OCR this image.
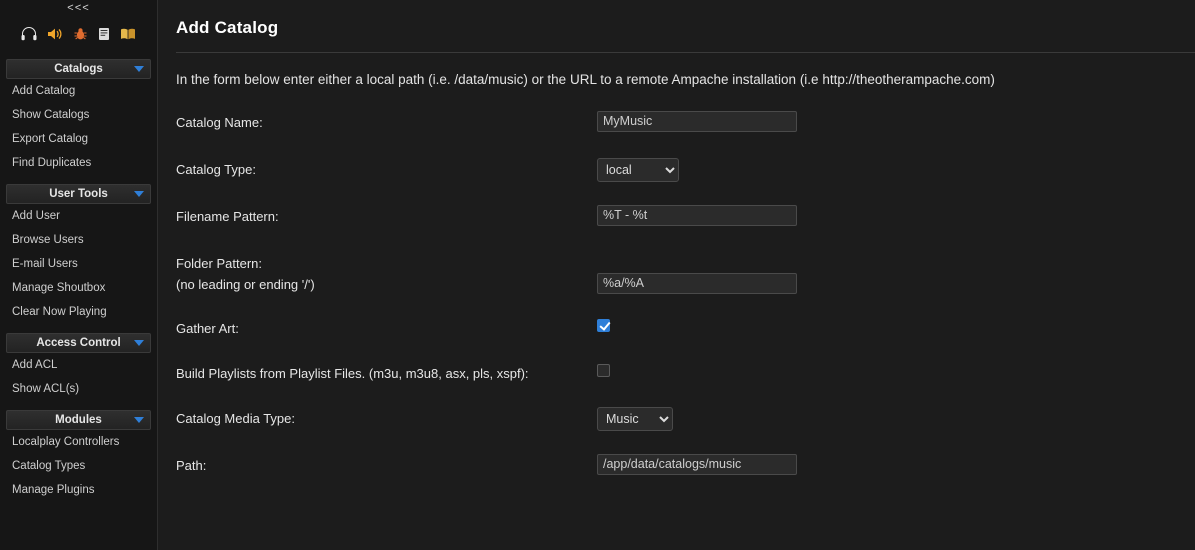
<<<
Catalogs
Add Catalog
Show Catalogs
Export Catalog
Find Duplicates
User Tools
Add User
Browse Users
E-mail Users
Manage Shoutbox
Clear Now Playing
Access Control
Add ACL
Show ACL(s)
Modules
Localplay Controllers
Catalog Types
Manage Plugins
Add Catalog
In the form below enter either a local path (i.e. /data/music) or the URL to a remote Ampache installation (i.e http://theotherampache.com)
Catalog Name:
MyMusic
Catalog Type:
local
Filename Pattern:
%T - %t
Folder Pattern:
(no leading or ending '/')
%a/%A
Gather Art:
Build Playlists from Playlist Files. (m3u, m3u8, asx, pls, xspf):
Catalog Media Type:
Music
Path:
/app/data/catalogs/music
